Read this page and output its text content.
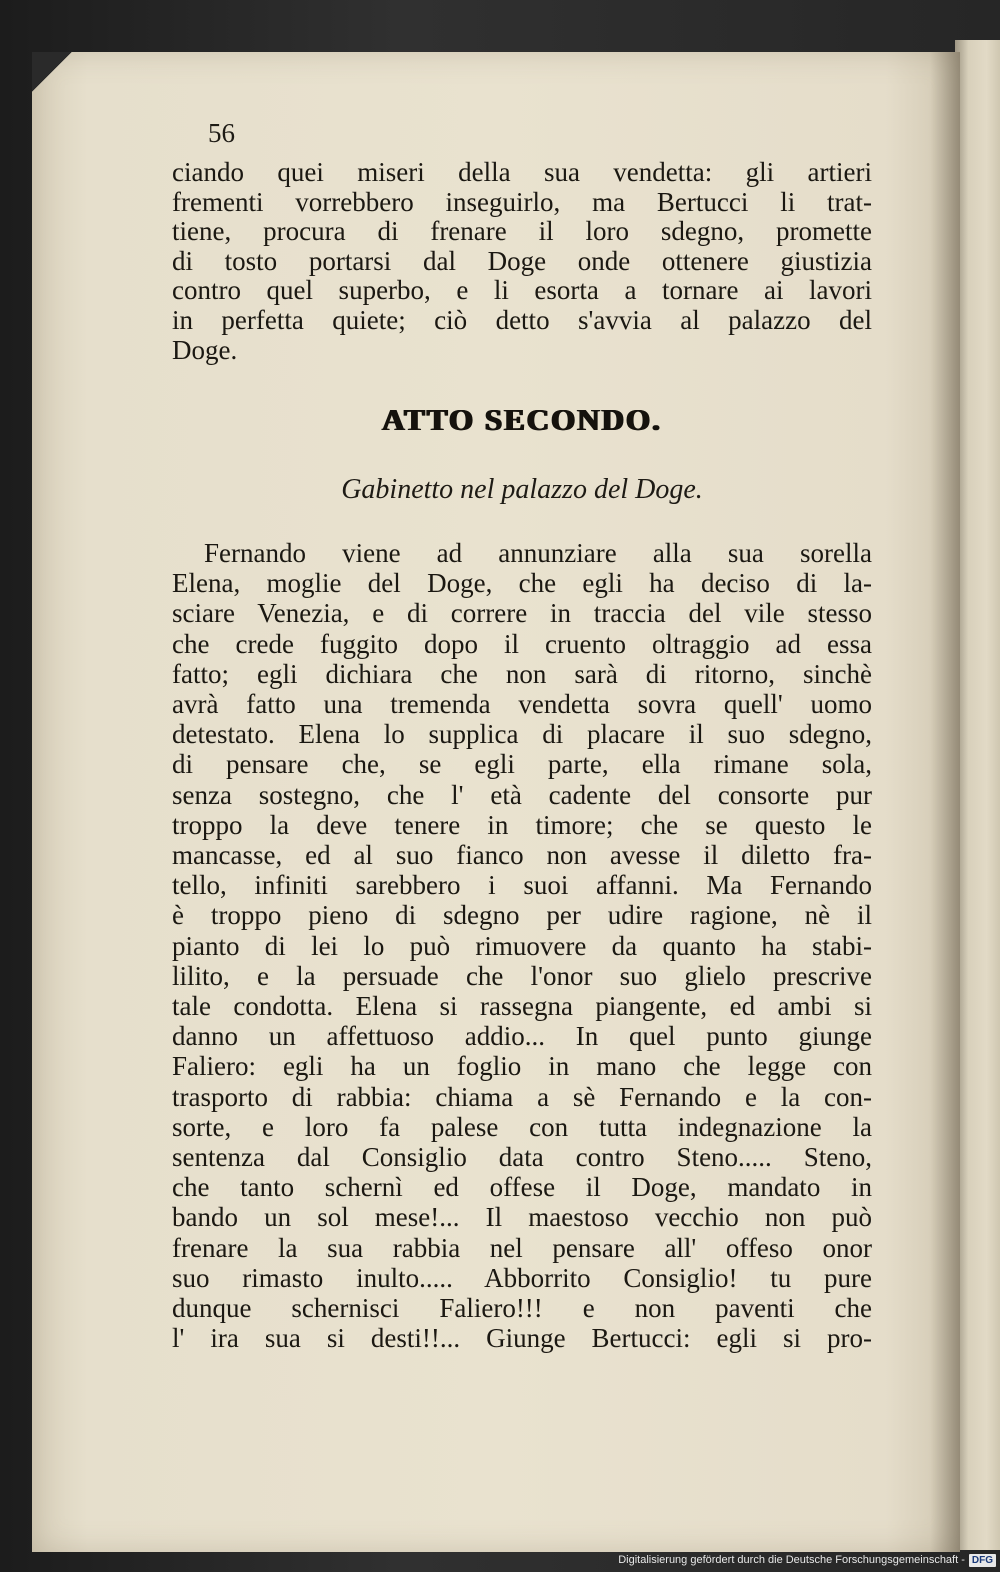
56
ciando quei miseri della sua vendetta: gli artieri
frementi vorrebbero inseguirlo, ma Bertucci li trat-
tiene, procura di frenare il loro sdegno, promette
di tosto portarsi dal Doge onde ottenere giustizia
contro quel superbo, e li esorta a tornare ai lavori
in perfetta quiete; ciò detto s'avvia al palazzo del
Doge.
ATTO SECONDO.
Gabinetto nel palazzo del Doge.
Fernando viene ad annunziare alla sua sorella
Elena, moglie del Doge, che egli ha deciso di la-
sciare Venezia, e di correre in traccia del vile stesso
che crede fuggito dopo il cruento oltraggio ad essa
fatto; egli dichiara che non sarà di ritorno, sinchè
avrà fatto una tremenda vendetta sovra quell' uomo
detestato. Elena lo supplica di placare il suo sdegno,
di pensare che, se egli parte, ella rimane sola,
senza sostegno, che l' età cadente del consorte pur
troppo la deve tenere in timore; che se questo le
mancasse, ed al suo fianco non avesse il diletto fra-
tello, infiniti sarebbero i suoi affanni. Ma Fernando
è troppo pieno di sdegno per udire ragione, nè il
pianto di lei lo può rimuovere da quanto ha stabi-
lilito, e la persuade che l'onor suo glielo prescrive
tale condotta. Elena si rassegna piangente, ed ambi si
danno un affettuoso addio... In quel punto giunge
Faliero: egli ha un foglio in mano che legge con
trasporto di rabbia: chiama a sè Fernando e la con-
sorte, e loro fa palese con tutta indegnazione la
sentenza dal Consiglio data contro Steno..... Steno,
che tanto schernì ed offese il Doge, mandato in
bando un sol mese!... Il maestoso vecchio non può
frenare la sua rabbia nel pensare all' offeso onor
suo rimasto inulto..... Abborrito Consiglio! tu pure
dunque schernisci Faliero!!! e non paventi che
l' ira sua si desti!!... Giunge Bertucci: egli si pro-
Digitalisierung gefördert durch die Deutsche Forschungsgemeinschaft - DFG
